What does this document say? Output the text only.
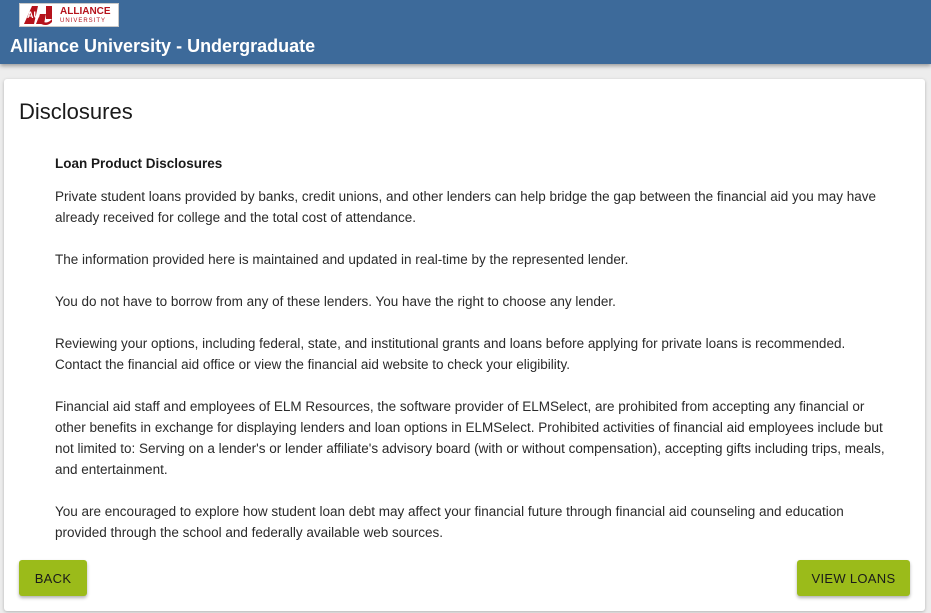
AU ALLIANCE
UNIVERSITY
Alliance University - Undergraduate
Disclosures
Loan Product Disclosures

Private student loans provided by banks, credit unions, and other lenders can help bridge the gap between the financial aid you may have already received for college and the total cost of attendance.

The information provided here is maintained and updated in real-time by the represented lender.

You do not have to borrow from any of these lenders. You have the right to choose any lender.

Reviewing your options, including federal, state, and institutional grants and loans before applying for private loans is recommended. Contact the financial aid office or view the financial aid website to check your eligibility.

Financial aid staff and employees of ELM Resources, the software provider of ELMSelect, are prohibited from accepting any financial or other benefits in exchange for displaying lenders and loan options in ELMSelect. Prohibited activities of financial aid employees include but not limited to: Serving on a lender's or lender affiliate's advisory board (with or without compensation), accepting gifts including trips, meals, and entertainment.

You are encouraged to explore how student loan debt may affect your financial future through financial aid counseling and education provided through the school and federally available web sources.

BACK	VIEW LOANS
